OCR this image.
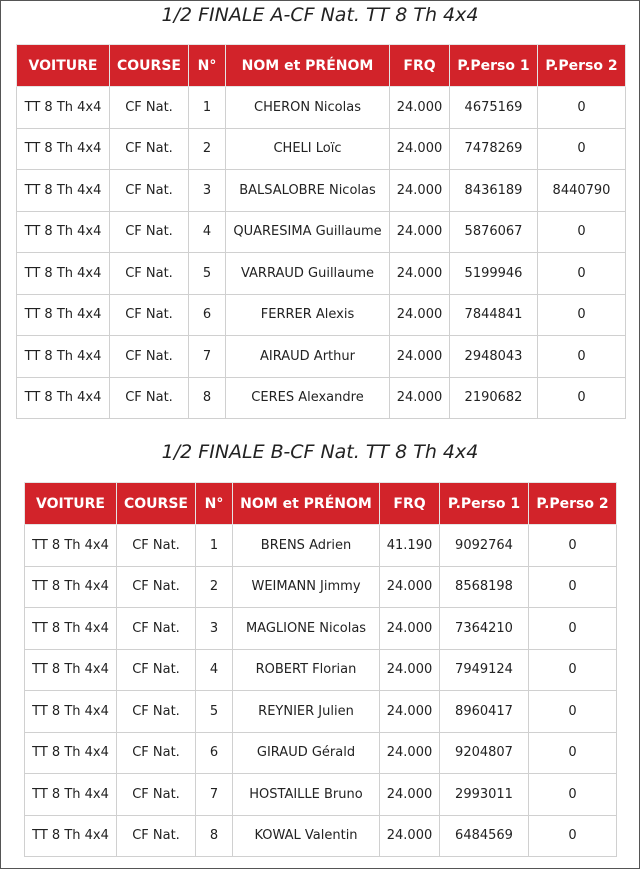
1/2 FINALE A-CF Nat. TT 8 Th 4x4
VOITURE	COURSE	N°	NOM et PRÉNOM	FRQ	P.Perso 1	P.Perso 2
TT 8 Th 4x4	CF Nat.	1	CHERON Nicolas	24.000	4675169	0
TT 8 Th 4x4	CF Nat.	2	CHELI Loïc	24.000	7478269	0
TT 8 Th 4x4	CF Nat.	3	BALSALOBRE Nicolas	24.000	8436189	8440790
TT 8 Th 4x4	CF Nat.	4	QUARESIMA Guillaume	24.000	5876067	0
TT 8 Th 4x4	CF Nat.	5	VARRAUD Guillaume	24.000	5199946	0
TT 8 Th 4x4	CF Nat.	6	FERRER Alexis	24.000	7844841	0
TT 8 Th 4x4	CF Nat.	7	AIRAUD Arthur	24.000	2948043	0
TT 8 Th 4x4	CF Nat.	8	CERES Alexandre	24.000	2190682	0
1/2 FINALE B-CF Nat. TT 8 Th 4x4
VOITURE	COURSE	N°	NOM et PRÉNOM	FRQ	P.Perso 1	P.Perso 2
TT 8 Th 4x4	CF Nat.	1	BRENS Adrien	41.190	9092764	0
TT 8 Th 4x4	CF Nat.	2	WEIMANN Jimmy	24.000	8568198	0
TT 8 Th 4x4	CF Nat.	3	MAGLIONE Nicolas	24.000	7364210	0
TT 8 Th 4x4	CF Nat.	4	ROBERT Florian	24.000	7949124	0
TT 8 Th 4x4	CF Nat.	5	REYNIER Julien	24.000	8960417	0
TT 8 Th 4x4	CF Nat.	6	GIRAUD Gérald	24.000	9204807	0
TT 8 Th 4x4	CF Nat.	7	HOSTAILLE Bruno	24.000	2993011	0
TT 8 Th 4x4	CF Nat.	8	KOWAL Valentin	24.000	6484569	0
